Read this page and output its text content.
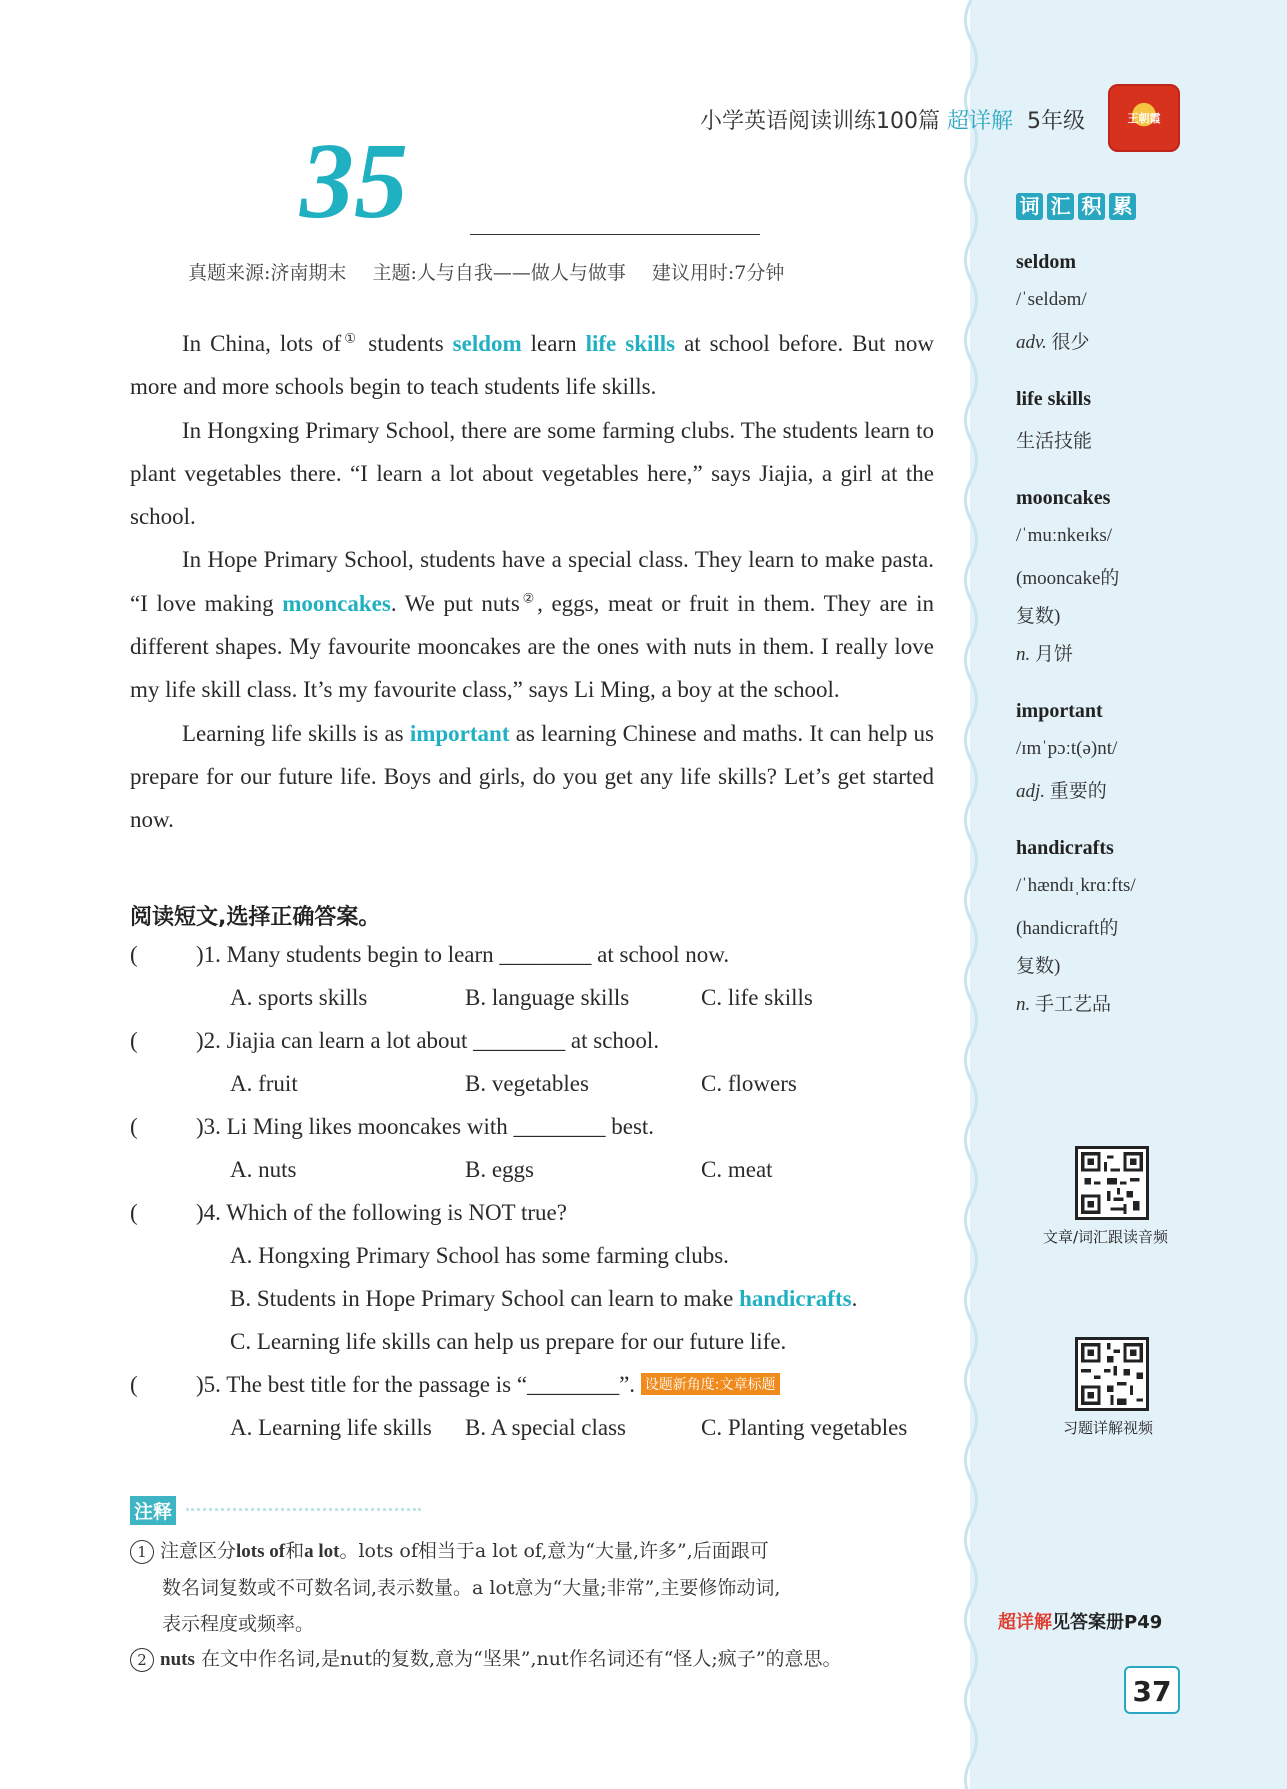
小学英语阅读训练100篇 超详解 5年级	王朝霞
35
真题来源:济南期末 主题:人与自我——做人与做事 建议用时:7分钟

In China, lots of① students seldom learn life skills at school before. But now more and more schools begin to teach students life skills.

In Hongxing Primary School, there are some farming clubs. The students learn to plant vegetables there. “I learn a lot about vegetables here,” says Jiajia, a girl at the school.

In Hope Primary School, students have a special class. They learn to make pasta. “I love making mooncakes. We put nuts②, eggs, meat or fruit in them. They are in different shapes. My favourite mooncakes are the ones with nuts in them. I really love my life skill class. It’s my favourite class,” says Li Ming, a boy at the school.

Learning life skills is as important as learning Chinese and maths. It can help us prepare for our future life. Boys and girls, do you get any life skills? Let’s get started now.

阅读短文,选择正确答案。
(	)1. Many students begin to learn ________ at school now.
A. sports skills	B. language skills	C. life skills
(	)2. Jiajia can learn a lot about ________ at school.
A. fruit	B. vegetables	C. flowers
(	)3. Li Ming likes mooncakes with ________ best.
A. nuts	B. eggs	C. meat
(	)4. Which of the following is NOT true?
A. Hongxing Primary School has some farming clubs.
B. Students in Hope Primary School can learn to make handicrafts.
C. Learning life skills can help us prepare for our future life.
(	)5. The best title for the passage is “________”. 设题新角度:文章标题
A. Learning life skills B. A special class	C. Planting vegetables
注释
1 注意区分lots of和a lot。lots of相当于a lot of,意为“大量,许多”,后面跟可
数名词复数或不可数名词,表示数量。a lot意为“大量;非常”,主要修饰动词,
表示程度或频率。
2 nuts 在文中作名词,是nut的复数,意为“坚果”,nut作名词还有“怪人;疯子”的意思。
词 汇 积 累
seldom
/ˈseldəm/
adv. 很少
life skills
生活技能
mooncakes
/ˈmuːnkeɪks/
(mooncake的
复数)
n. 月饼
important
/ɪmˈpɔːt(ə)nt/
adj. 重要的
handicrafts
/ˈhændɪˌkrɑːfts/
(handicraft的
复数)
n. 手工艺品
文章/词汇跟读音频
习题详解视频
超详解见答案册P49
37
